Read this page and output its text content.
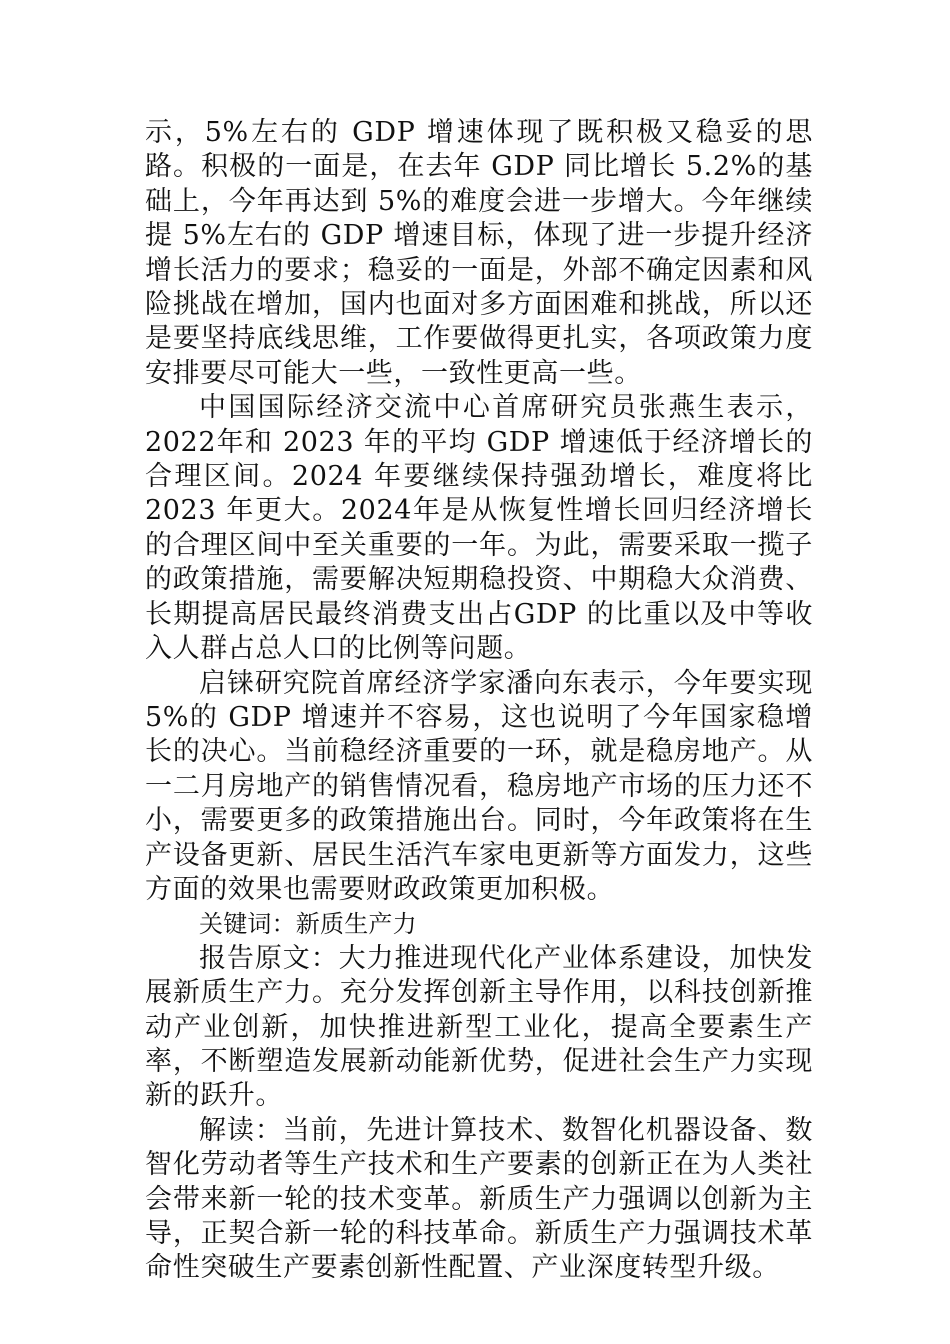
示，5%左右的 GDP 增速体现了既积极又稳妥的思路。积极的一面是，在去年 GDP 同比增长 5.2%的基础上，今年再达到 5%的难度会进一步增大。今年继续提 5%左右的 GDP 增速目标，体现了进一步提升经济增长活力的要求；稳妥的一面是，外部不确定因素和风险挑战在增加，国内也面对多方面困难和挑战，所以还是要坚持底线思维，工作要做得更扎实，各项政策力度安排要尽可能大一些，一致性更高一些。

中国国际经济交流中心首席研究员张燕生表示，2022年和 2023 年的平均 GDP 增速低于经济增长的合理区间。2024 年要继续保持强劲增长，难度将比 2023 年更大。2024年是从恢复性增长回归经济增长的合理区间中至关重要的一年。为此，需要采取一揽子的政策措施，需要解决短期稳投资、中期稳大众消费、长期提高居民最终消费支出占GDP 的比重以及中等收入人群占总人口的比例等问题。

启铼研究院首席经济学家潘向东表示，今年要实现 5%的 GDP 增速并不容易，这也说明了今年国家稳增长的决心。当前稳经济重要的一环，就是稳房地产。从一二月房地产的销售情况看，稳房地产市场的压力还不小，需要更多的政策措施出台。同时，今年政策将在生产设备更新、居民生活汽车家电更新等方面发力，这些方面的效果也需要财政政策更加积极。

关键词：新质生产力

报告原文：大力推进现代化产业体系建设，加快发展新质生产力。充分发挥创新主导作用，以科技创新推动产业创新，加快推进新型工业化，提高全要素生产率，不断塑造发展新动能新优势，促进社会生产力实现新的跃升。

解读：当前，先进计算技术、数智化机器设备、数智化劳动者等生产技术和生产要素的创新正在为人类社会带来新一轮的技术变革。新质生产力强调以创新为主导，正契合新一轮的科技革命。新质生产力强调技术革命性突破生产要素创新性配置、产业深度转型升级。
